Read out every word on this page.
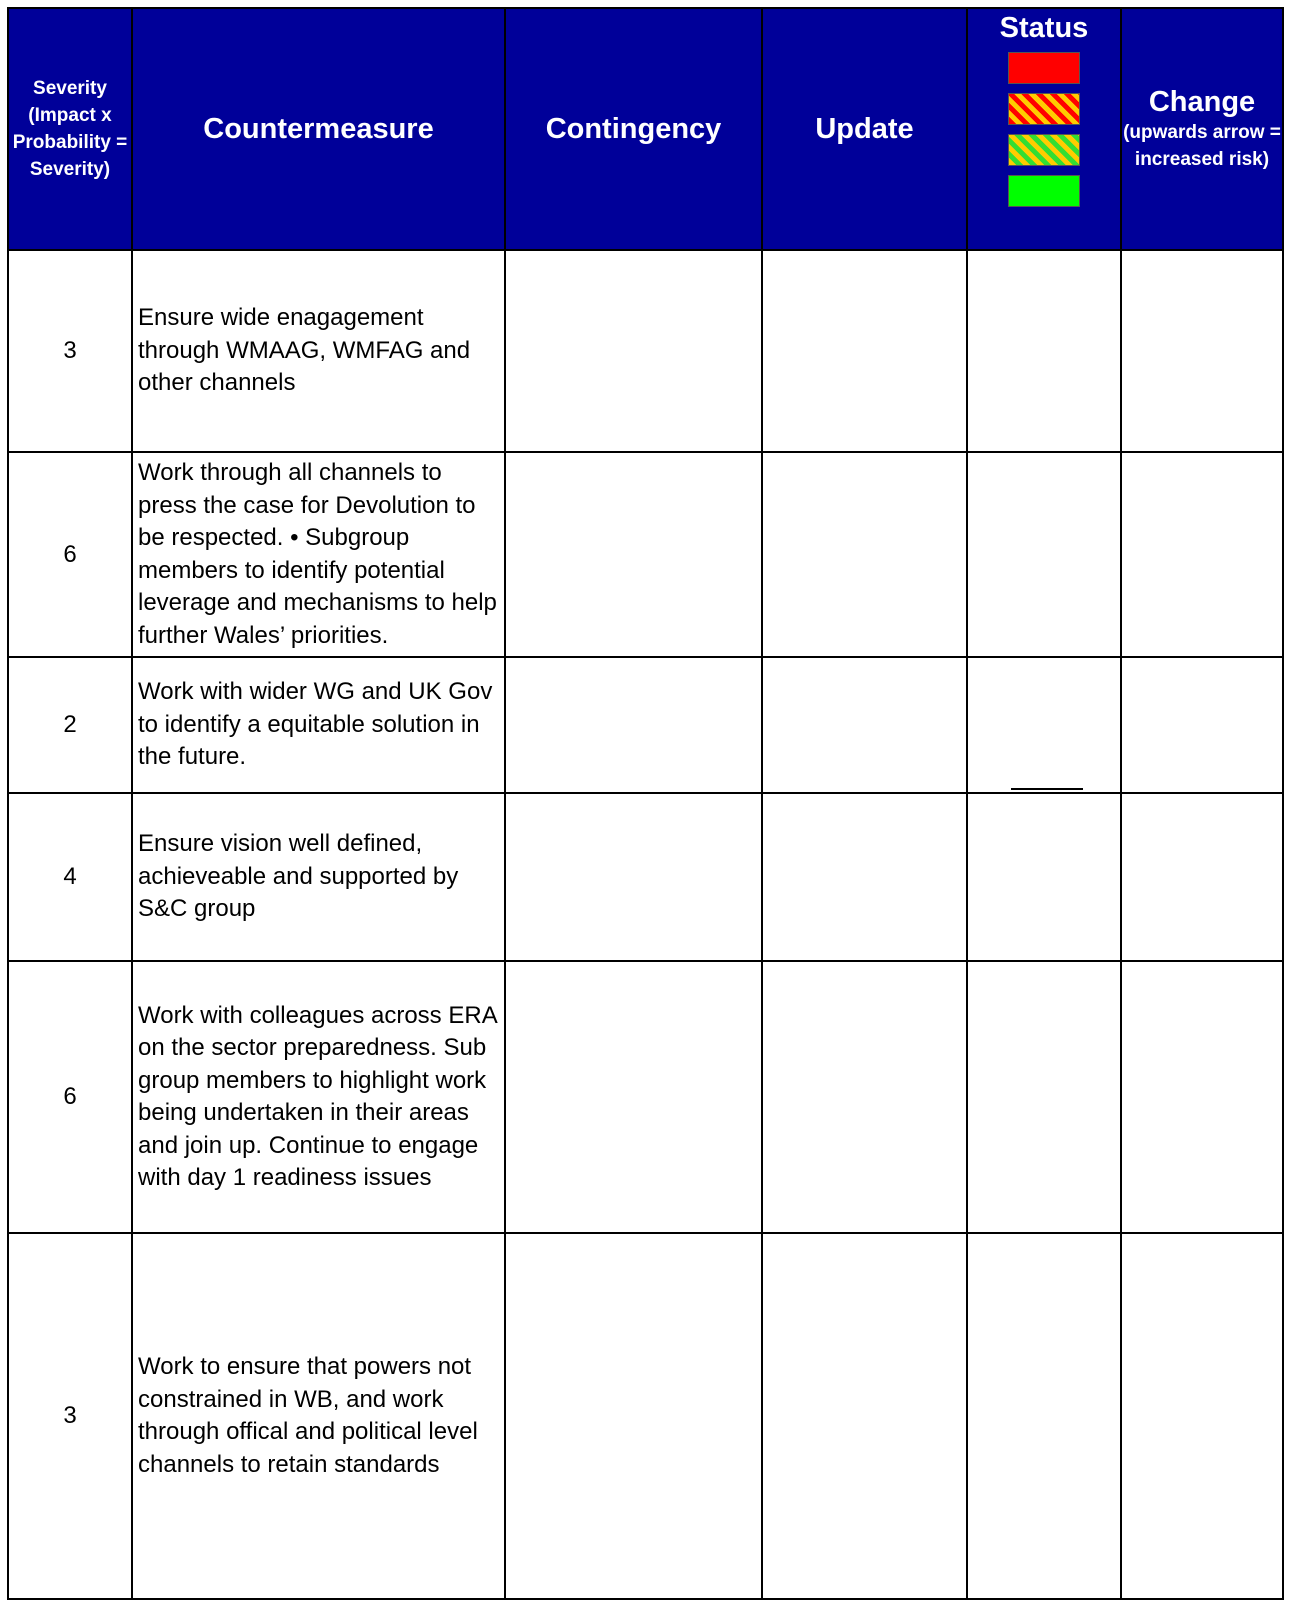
Severity (Impact x Probability = Severity)	Countermeasure	Contingency	Update	Status	Change
(upwards arrow = increased risk)

3	Ensure wide enagagement through WMAAG, WMFAG and other channels				
6	Work through all channels to press the case for Devolution to be respected. • Subgroup members to identify potential leverage and mechanisms to help further Wales’ priorities.				
2	Work with wider WG and UK Gov to identify a equitable solution in the future.				
4	Ensure vision well defined, achieveable and supported by S&C group				
6	Work with colleagues across ERA on the sector preparedness. Sub group members to highlight work being undertaken in their areas and join up. Continue to engage with day 1 readiness issues				
3	Work to ensure that powers not constrained in WB, and work through offical and political level channels to retain standards				
